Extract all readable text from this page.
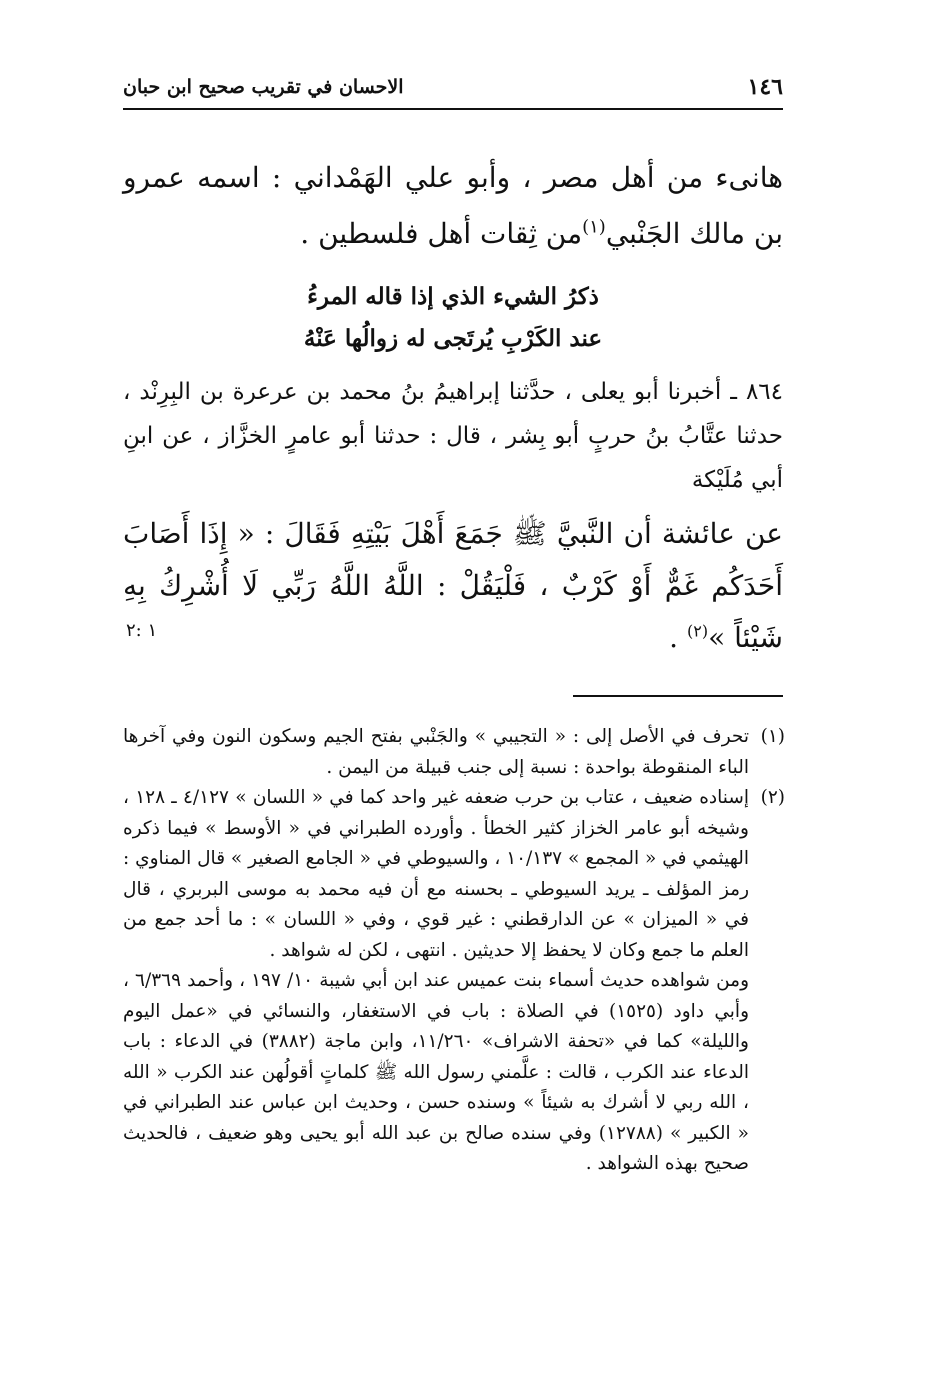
١٤٦
الاحسان في تقريب صحيح ابن حبان
هانىء من أهل مصر ، وأبو علي الهَمْداني : اسمه عمرو بن مالك الجَنْبي$^{(١)}$من ثِقات أهل فلسطين .
ذكرُ الشيء الذي إذا قاله المرءُ
عند الكَرْبِ يُرتَجى له زوالُها عَنْهُ
٨٦٤ ـ أخبرنا أبو يعلى ، حدَّثنا إبراهيمُ بنُ محمد بن عرعرة بن البِرِنْد ، حدثنا عتَّابُ بنُ حربٍ أبو بِشر ، قال : حدثنا أبو عامرٍ الخزَّاز ، عن ابنِ أبي مُلَيْكة
عن عائشة أن النَّبيَّ ﷺ جَمَعَ أَهْلَ بَيْتِهِ فَقَالَ : « إِذَا أَصَابَ أَحَدَكُم غَمٌّ أَوْ كَرْبٌ ، فَلْيَقُلْ : اللَّهُ اللَّهُ رَبِّي لَا أُشْرِكُ بِهِ شَيْئاً »$^{(٢)}$ .
١ :٢
(١)

تحرف في الأصل إلى : « التجيبي » والجَنْبي بفتح الجيم وسكون النون وفي آخرها الباء المنقوطة بواحدة : نسبة إلى جنب قبيلة من اليمن .

(٢)

إسناده ضعيف ، عتاب بن حرب ضعفه غير واحد كما في « اللسان » ٤/١٢٧ ـ ١٢٨ ، وشيخه أبو عامر الخزاز كثير الخطأ . وأورده الطبراني في « الأوسط » فيما ذكره الهيثمي في « المجمع » ١٠/١٣٧ ، والسيوطي في « الجامع الصغير » قال المناوي : رمز المؤلف ـ يريد السيوطي ـ بحسنه مع أن فيه محمد به موسى البربري ، قال في « الميزان » عن الدارقطني : غير قوي ، وفي « اللسان » : ما أحد جمع من العلم ما جمع وكان لا يحفظ إلا حديثين . انتهى ، لكن له شواهد .

ومن شواهده حديث أسماء بنت عميس عند ابن أبي شيبة ١٠/ ١٩٧ ، وأحمد ٦/٣٦٩ ، وأبي داود (١٥٢٥) في الصلاة : باب في الاستغفار، والنسائي في «عمل اليوم والليلة» كما في «تحفة الاشراف» ١١/٢٦٠، وابن ماجة (٣٨٨٢) في الدعاء : باب الدعاء عند الكرب ، قالت : علَّمني رسول الله ﷺ كلماتٍ أقولُهن عند الكرب « الله ، الله ربي لا أشرك به شيئاً » وسنده حسن ، وحديث ابن عباس عند الطبراني في « الكبير » (١٢٧٨٨) وفي سنده صالح بن عبد الله أبو يحيى وهو ضعيف ، فالحديث صحيح بهذه الشواهد .
